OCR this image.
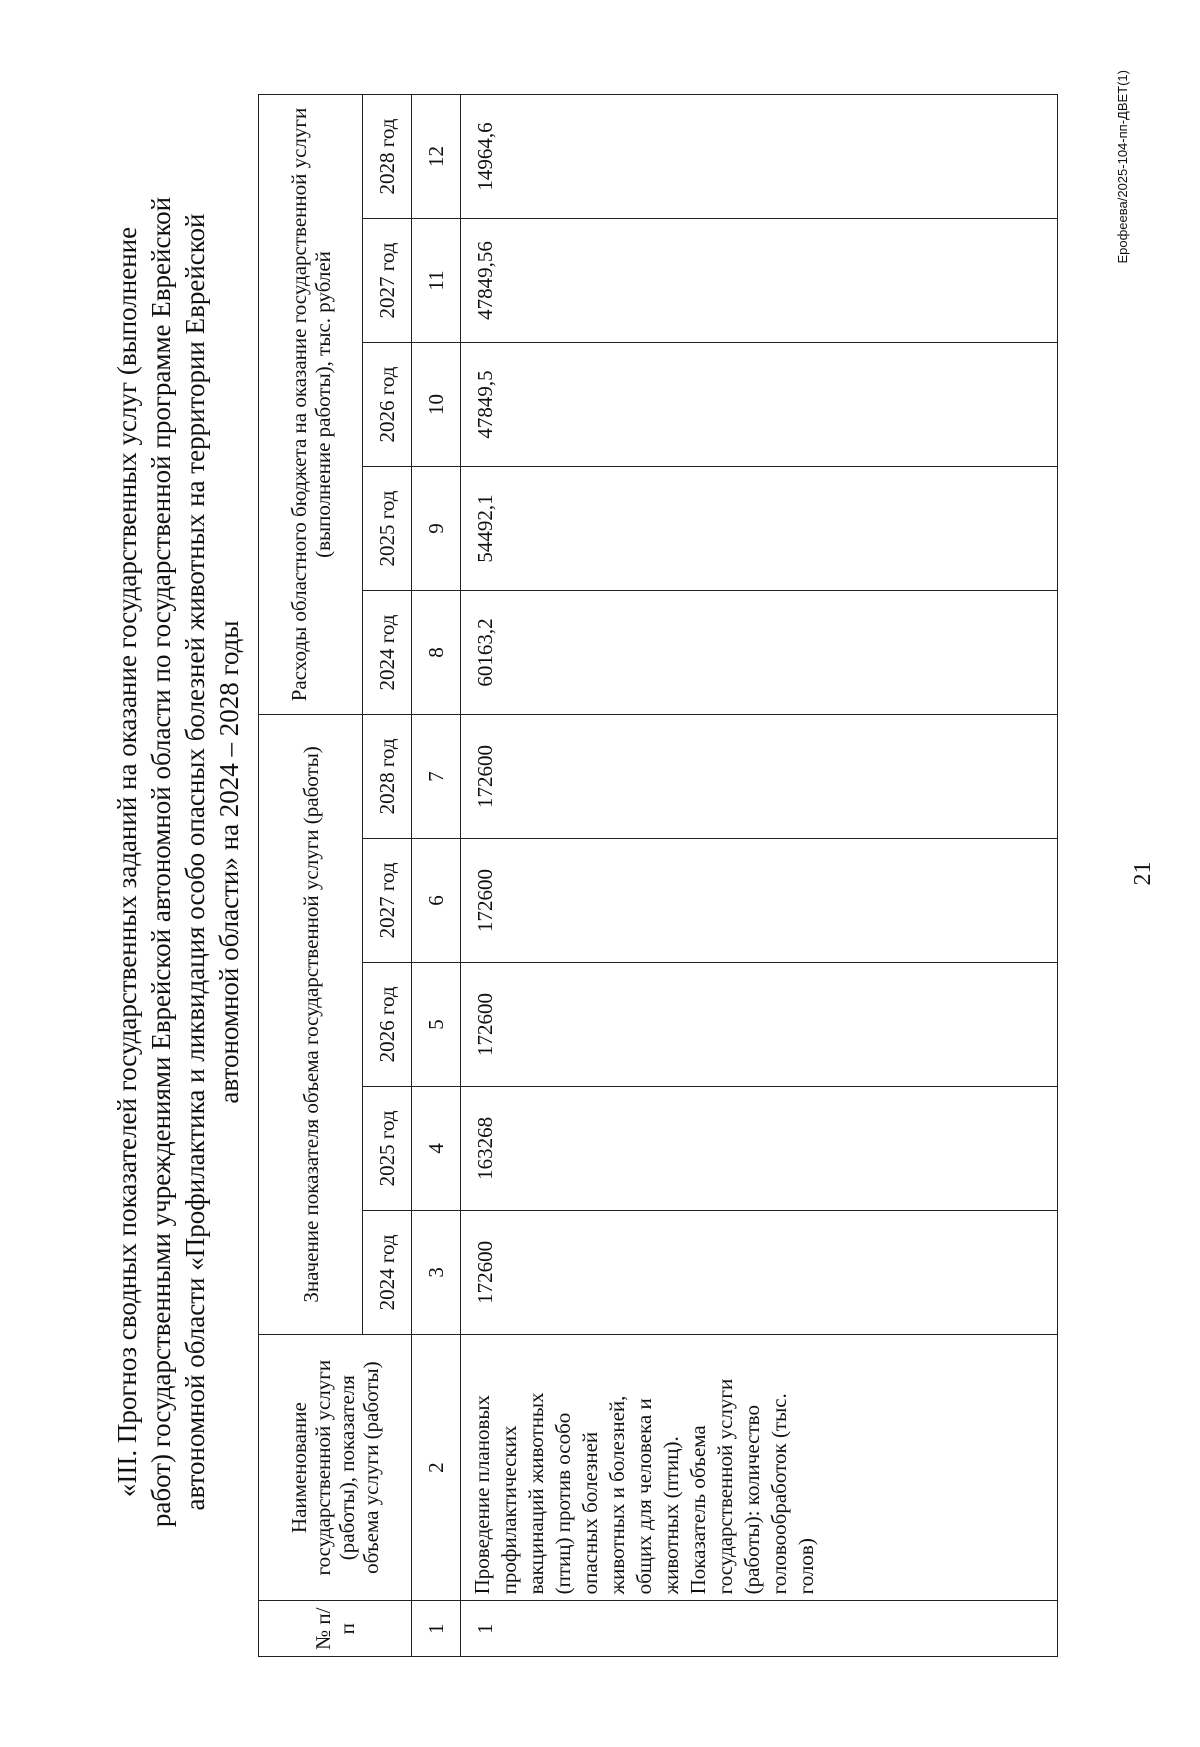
21
«III. Прогноз сводных показателей государственных заданий на оказание государственных услуг (выполнение работ) государственными учреждениями Еврейской автономной области по государственной программе Еврейской автономной области «Профилактика и ликвидация особо опасных болезней животных на территории Еврейской автономной области» на 2024 – 2028 годы
№ п/п	Наименование государственной услуги (работы), показателя объема услуги (работы)	Значение показателя объема государственной услуги (работы)					Расходы областного бюджета на оказание государственной услуги (выполнение работы), тыс. рублей				
		2024 год	2025 год	2026 год	2027 год	2028 год	2024 год	2025 год	2026 год	2027 год	2028 год
1	2	3	4	5	6	7	8	9	10	11	12
1	Проведение плановых профилактических вакцинаций животных (птиц) против особо опасных болезней животных и болезней, общих для человека и животных (птиц). Показатель объема государственной услуги (работы): количество головообработок (тыс. голов)	172600	163268	172600	172600	172600	60163,2	54492,1	47849,5	47849,56	14964,6	Ерофеева/2025-104-пп-ДВЕТ(1)
